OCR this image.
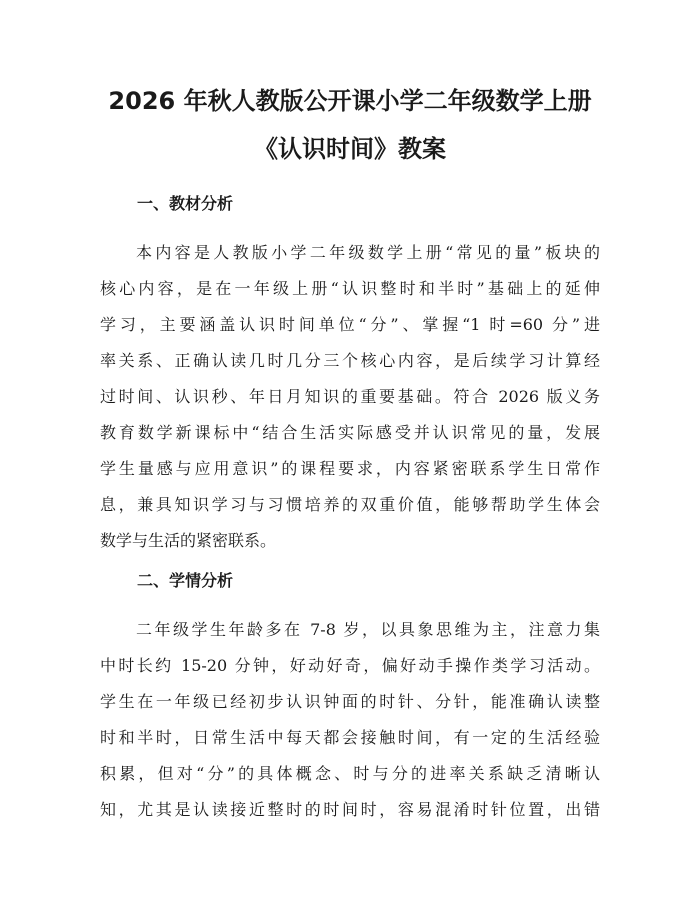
2026 年秋人教版公开课小学二年级数学上册
《认识时间》教案
一、教材分析
本内容是人教版小学二年级数学上册“常见的量”板块的
核心内容，是在一年级上册“认识整时和半时”基础上的延伸
学习，主要涵盖认识时间单位“分”、掌握“1 时=60 分”进
率关系、正确认读几时几分三个核心内容，是后续学习计算经
过时间、认识秒、年日月知识的重要基础。符合 2026 版义务
教育数学新课标中“结合生活实际感受并认识常见的量，发展
学生量感与应用意识”的课程要求，内容紧密联系学生日常作
息，兼具知识学习与习惯培养的双重价值，能够帮助学生体会
数学与生活的紧密联系。
二、学情分析
二年级学生年龄多在 7-8 岁，以具象思维为主，注意力集
中时长约 15-20 分钟，好动好奇，偏好动手操作类学习活动。
学生在一年级已经初步认识钟面的时针、分针，能准确认读整
时和半时，日常生活中每天都会接触时间，有一定的生活经验
积累，但对“分”的具体概念、时与分的进率关系缺乏清晰认
知，尤其是认读接近整时的时间时，容易混淆时针位置，出错
